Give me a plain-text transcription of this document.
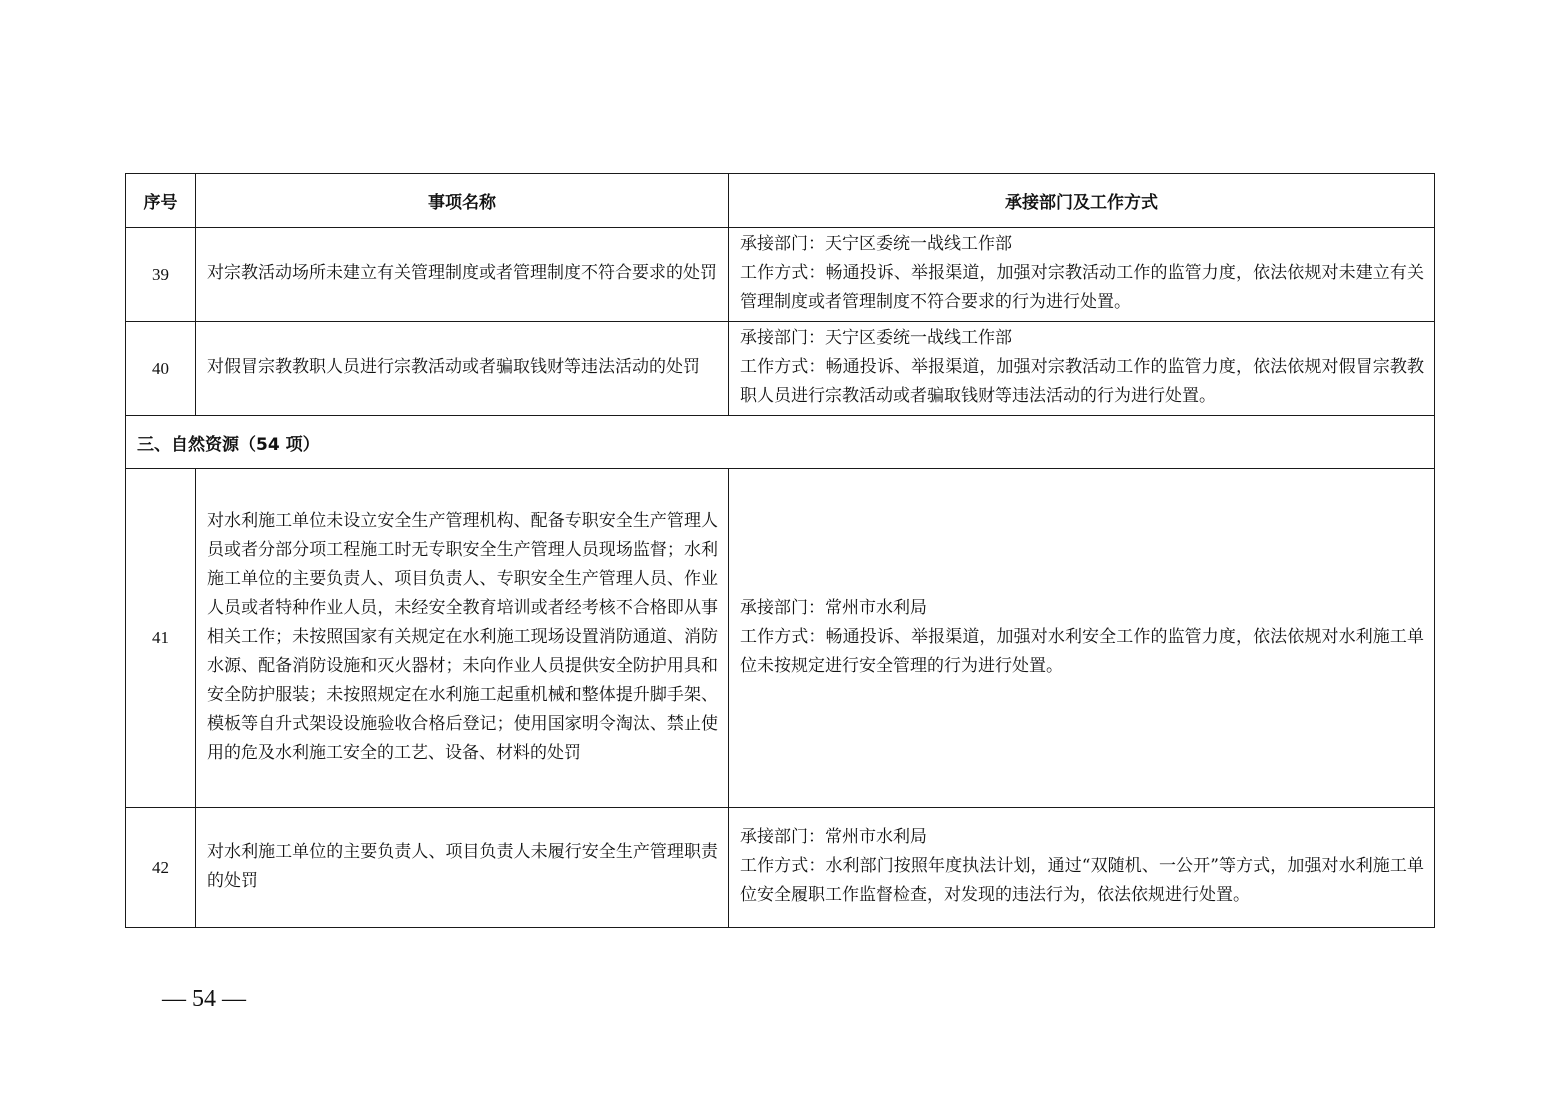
序号	事项名称	承接部门及工作方式
39	对宗教活动场所未建立有关管理制度或者管理制度不符合要求的处罚	承接部门：天宁区委统一战线工作部
工作方式：畅通投诉、举报渠道，加强对宗教活动工作的监管力度，依法依规对未建立有关管理制度或者管理制度不符合要求的行为进行处置。

40	对假冒宗教教职人员进行宗教活动或者骗取钱财等违法活动的处罚	承接部门：天宁区委统一战线工作部
工作方式：畅通投诉、举报渠道，加强对宗教活动工作的监管力度，依法依规对假冒宗教教职人员进行宗教活动或者骗取钱财等违法活动的行为进行处置。

三、自然资源（54 项）		
41	对水利施工单位未设立安全生产管理机构、配备专职安全生产管理人员或者分部分项工程施工时无专职安全生产管理人员现场监督；水利施工单位的主要负责人、项目负责人、专职安全生产管理人员、作业人员或者特种作业人员，未经安全教育培训或者经考核不合格即从事相关工作；未按照国家有关规定在水利施工现场设置消防通道、消防水源、配备消防设施和灭火器材；未向作业人员提供安全防护用具和安全防护服装；未按照规定在水利施工起重机械和整体提升脚手架、模板等自升式架设设施验收合格后登记；使用国家明令淘汰、禁止使用的危及水利施工安全的工艺、设备、材料的处罚	承接部门：常州市水利局
工作方式：畅通投诉、举报渠道，加强对水利安全工作的监管力度，依法依规对水利施工单位未按规定进行安全管理的行为进行处置。

42	对水利施工单位的主要负责人、项目负责人未履行安全生产管理职责的处罚	承接部门：常州市水利局
工作方式：水利部门按照年度执法计划，通过“双随机、一公开”等方式，加强对水利施工单位安全履职工作监督检查，对发现的违法行为，依法依规进行处置。
— 54 —
